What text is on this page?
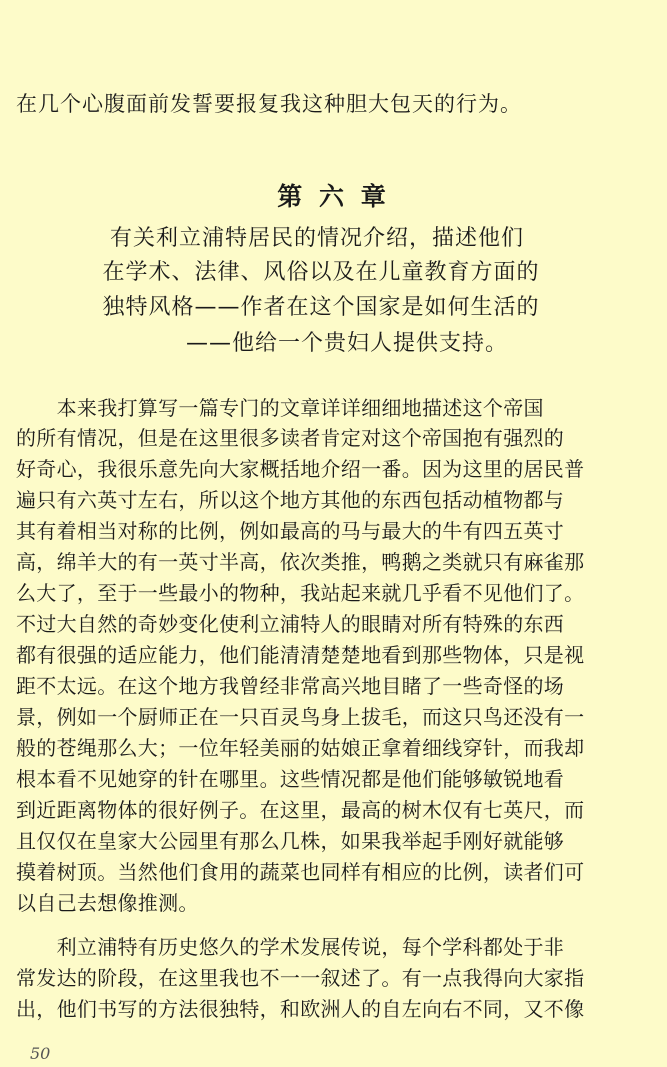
在几个心腹面前发誓要报复我这种胆大包天的行为。
第 六 章
有关利立浦特居民的情况介绍，描述他们
在学术、法律、风俗以及在儿童教育方面的
独特风格——作者在这个国家是如何生活的
——他给一个贵妇人提供支持。
　　本来我打算写一篇专门的文章详详细细地描述这个帝国
的所有情况，但是在这里很多读者肯定对这个帝国抱有强烈的
好奇心，我很乐意先向大家概括地介绍一番。因为这里的居民普
遍只有六英寸左右，所以这个地方其他的东西包括动植物都与
其有着相当对称的比例，例如最高的马与最大的牛有四五英寸
高，绵羊大的有一英寸半高，依次类推，鸭鹅之类就只有麻雀那
么大了，至于一些最小的物种，我站起来就几乎看不见他们了。
不过大自然的奇妙变化使利立浦特人的眼睛对所有特殊的东西
都有很强的适应能力，他们能清清楚楚地看到那些物体，只是视
距不太远。在这个地方我曾经非常高兴地目睹了一些奇怪的场
景，例如一个厨师正在一只百灵鸟身上拔毛，而这只鸟还没有一
般的苍绳那么大；一位年轻美丽的姑娘正拿着细线穿针，而我却
根本看不见她穿的针在哪里。这些情况都是他们能够敏锐地看
到近距离物体的很好例子。在这里，最高的树木仅有七英尺，而
且仅仅在皇家大公园里有那么几株，如果我举起手刚好就能够
摸着树顶。当然他们食用的蔬菜也同样有相应的比例，读者们可
以自己去想像推测。
　　利立浦特有历史悠久的学术发展传说，每个学科都处于非
常发达的阶段，在这里我也不一一叙述了。有一点我得向大家指
出，他们书写的方法很独特，和欧洲人的自左向右不同，又不像
50
